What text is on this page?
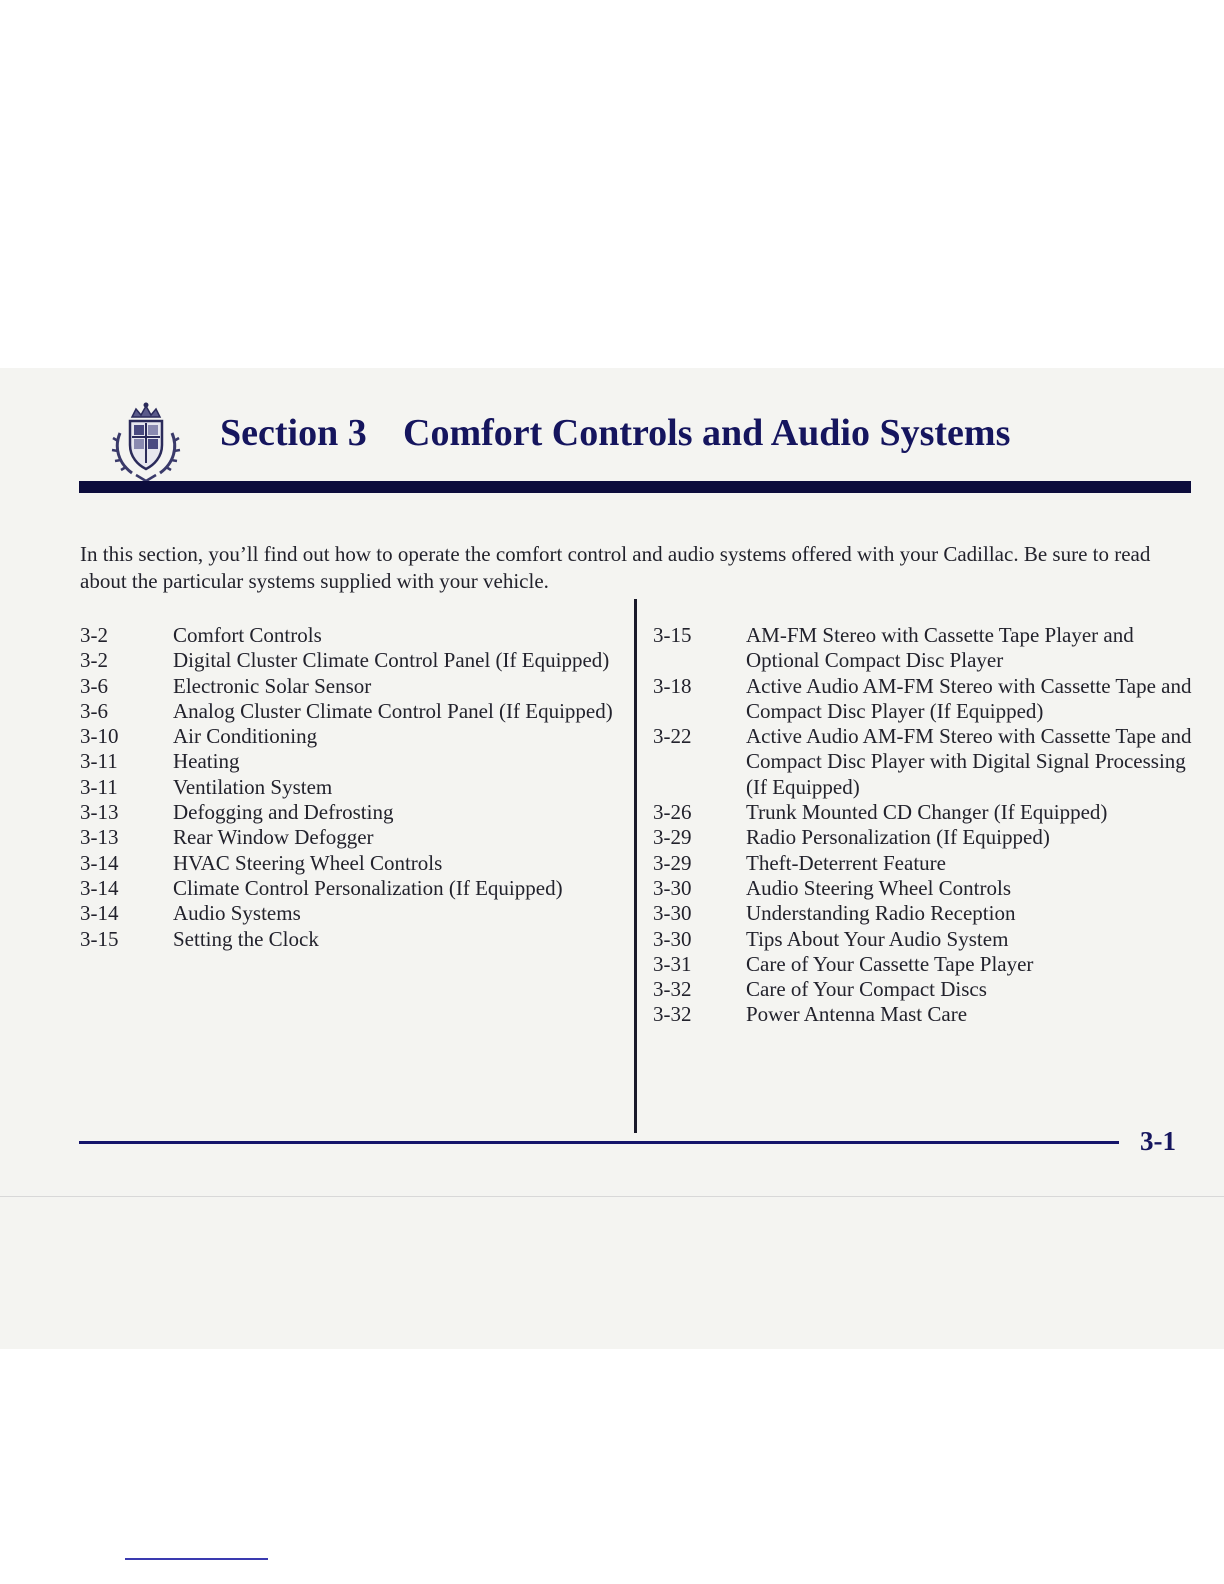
Section 3 Comfort Controls and Audio Systems

In this section, you’ll find out how to operate the comfort control and audio systems offered with your Cadillac. Be sure to read about the particular systems supplied with your vehicle.

3-2	Comfort Controls
3-2	Digital Cluster Climate Control Panel (If Equipped)
3-6	Electronic Solar Sensor
3-6	Analog Cluster Climate Control Panel (If Equipped)
3-10	Air Conditioning
3-11	Heating
3-11	Ventilation System
3-13	Defogging and Defrosting
3-13	Rear Window Defogger
3-14	HVAC Steering Wheel Controls
3-14	Climate Control Personalization (If Equipped)
3-14	Audio Systems
3-15	Setting the Clock
3-15	AM-FM Stereo with Cassette Tape Player and Optional Compact Disc Player
3-18	Active Audio AM-FM Stereo with Cassette Tape and Compact Disc Player (If Equipped)
3-22	Active Audio AM-FM Stereo with Cassette Tape and Compact Disc Player with Digital Signal Processing (If Equipped)
3-26	Trunk Mounted CD Changer (If Equipped)
3-29	Radio Personalization (If Equipped)
3-29	Theft-Deterrent Feature
3-30	Audio Steering Wheel Controls
3-30	Understanding Radio Reception
3-30	Tips About Your Audio System
3-31	Care of Your Cassette Tape Player
3-32	Care of Your Compact Discs
3-32	Power Antenna Mast Care
3-1
